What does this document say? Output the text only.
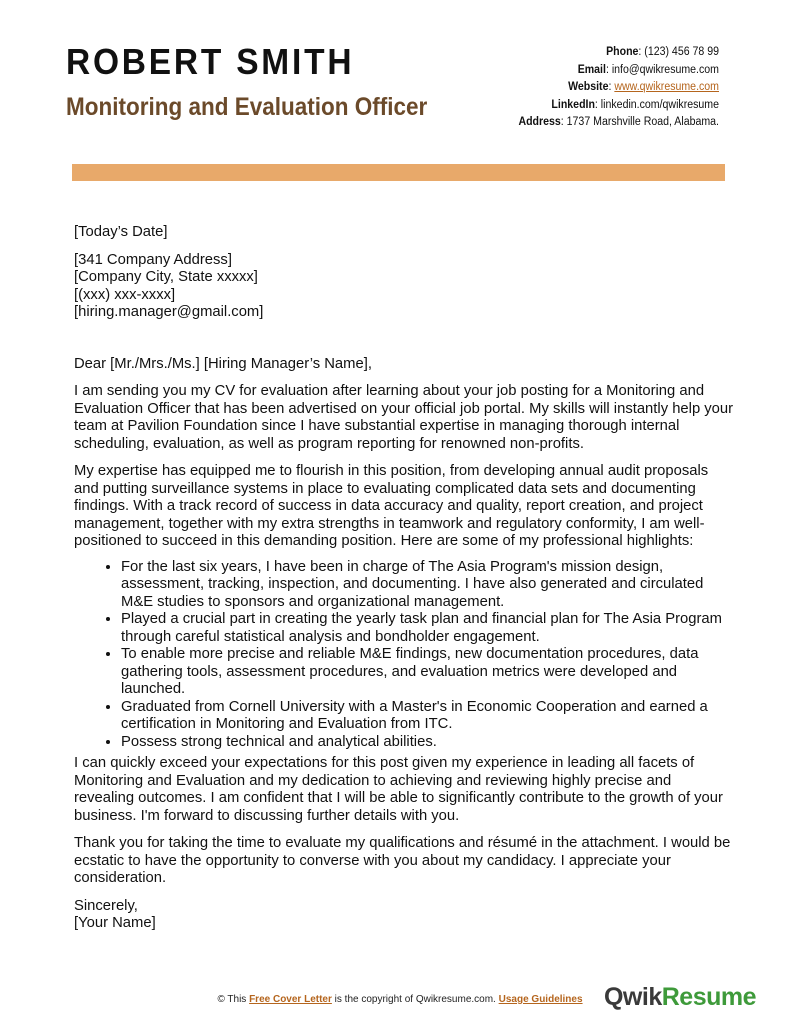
ROBERT SMITH
Monitoring and Evaluation Officer
Phone: (123) 456 78 99
Email: info@qwikresume.com
Website: www.qwikresume.com
LinkedIn: linkedin.com/qwikresume
Address: 1737 Marshville Road, Alabama.

[Today’s Date]

[341 Company Address]

[Company City, State xxxxx]

[(xxx) xxx-xxxx]

[hiring.manager@gmail.com]

Dear [Mr./Mrs./Ms.] [Hiring Manager’s Name],

I am sending you my CV for evaluation after learning about your job posting for a Monitoring and Evaluation Officer that has been advertised on your official job portal. My skills will instantly help your team at Pavilion Foundation since I have substantial expertise in managing thorough internal scheduling, evaluation, as well as program reporting for renowned non-profits.

My expertise has equipped me to flourish in this position, from developing annual audit proposals and putting surveillance systems in place to evaluating complicated data sets and documenting findings. With a track record of success in data accuracy and quality, report creation, and project management, together with my extra strengths in teamwork and regulatory conformity, I am well-positioned to succeed in this demanding position. Here are some of my professional highlights:

• For the last six years, I have been in charge of The Asia Program's mission design, assessment, tracking, inspection, and documenting. I have also generated and circulated M&E studies to sponsors and organizational management.
• Played a crucial part in creating the yearly task plan and financial plan for The Asia Program through careful statistical analysis and bondholder engagement.
• To enable more precise and reliable M&E findings, new documentation procedures, data gathering tools, assessment procedures, and evaluation metrics were developed and launched.
• Graduated from Cornell University with a Master's in Economic Cooperation and earned a certification in Monitoring and Evaluation from ITC.
• Possess strong technical and analytical abilities.

I can quickly exceed your expectations for this post given my experience in leading all facets of Monitoring and Evaluation and my dedication to achieving and reviewing highly precise and revealing outcomes. I am confident that I will be able to significantly contribute to the growth of your business. I'm forward to discussing further details with you.

Thank you for taking the time to evaluate my qualifications and résumé in the attachment. I would be ecstatic to have the opportunity to converse with you about my candidacy. I appreciate your consideration.

Sincerely,

[Your Name]

© This Free Cover Letter is the copyright of Qwikresume.com. Usage Guidelines QwikResume
